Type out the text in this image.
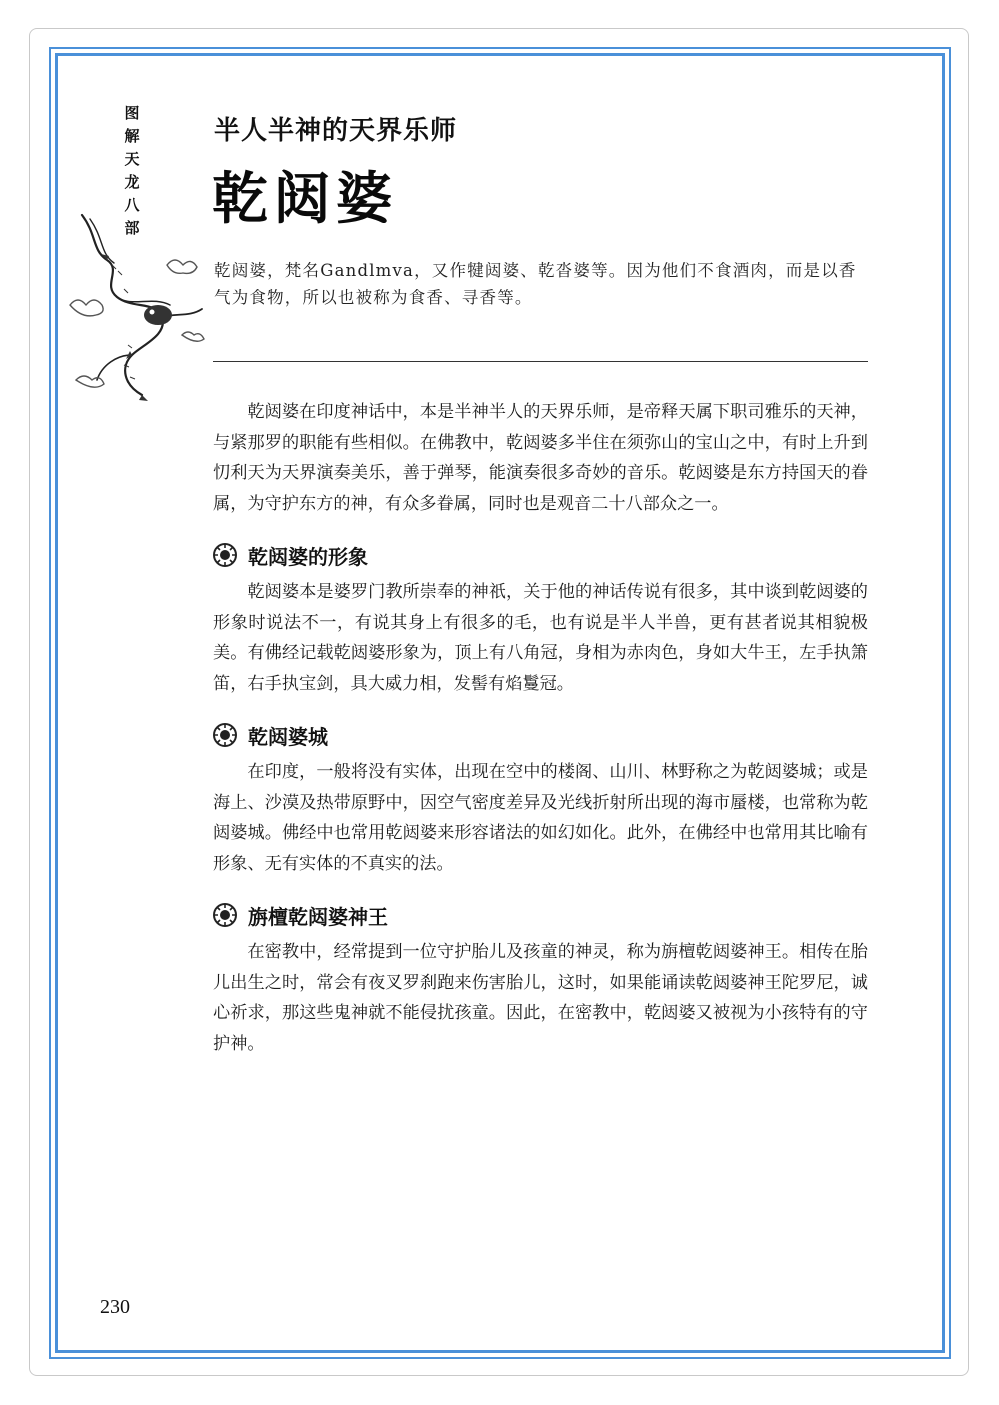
图
解
天
龙
八
部
半人半神的天界乐师
乾闼婆

乾闼婆，梵名Gandlmva，又作犍闼婆、乾沓婆等。因为他们不食酒肉，而是以香气为食物，所以也被称为食香、寻香等。

乾闼婆在印度神话中，本是半神半人的天界乐师，是帝释天属下职司雅乐的天神，与紧那罗的职能有些相似。在佛教中，乾闼婆多半住在须弥山的宝山之中，有时上升到忉利天为天界演奏美乐，善于弹琴，能演奏很多奇妙的音乐。乾闼婆是东方持国天的眷属，为守护东方的神，有众多眷属，同时也是观音二十八部众之一。

乾闼婆的形象

乾闼婆本是婆罗门教所崇奉的神祇，关于他的神话传说有很多，其中谈到乾闼婆的形象时说法不一，有说其身上有很多的毛，也有说是半人半兽，更有甚者说其相貌极美。有佛经记载乾闼婆形象为，顶上有八角冠，身相为赤肉色，身如大牛王，左手执箫笛，右手执宝剑，具大威力相，发髻有焰鬘冠。

乾闼婆城

在印度，一般将没有实体，出现在空中的楼阁、山川、林野称之为乾闼婆城；或是海上、沙漠及热带原野中，因空气密度差异及光线折射所出现的海市蜃楼，也常称为乾闼婆城。佛经中也常用乾闼婆来形容诸法的如幻如化。此外，在佛经中也常用其比喻有形象、无有实体的不真实的法。

旃檀乾闼婆神王

在密教中，经常提到一位守护胎儿及孩童的神灵，称为旃檀乾闼婆神王。相传在胎儿出生之时，常会有夜叉罗刹跑来伤害胎儿，这时，如果能诵读乾闼婆神王陀罗尼，诚心祈求，那这些鬼神就不能侵扰孩童。因此，在密教中，乾闼婆又被视为小孩特有的守护神。

230
